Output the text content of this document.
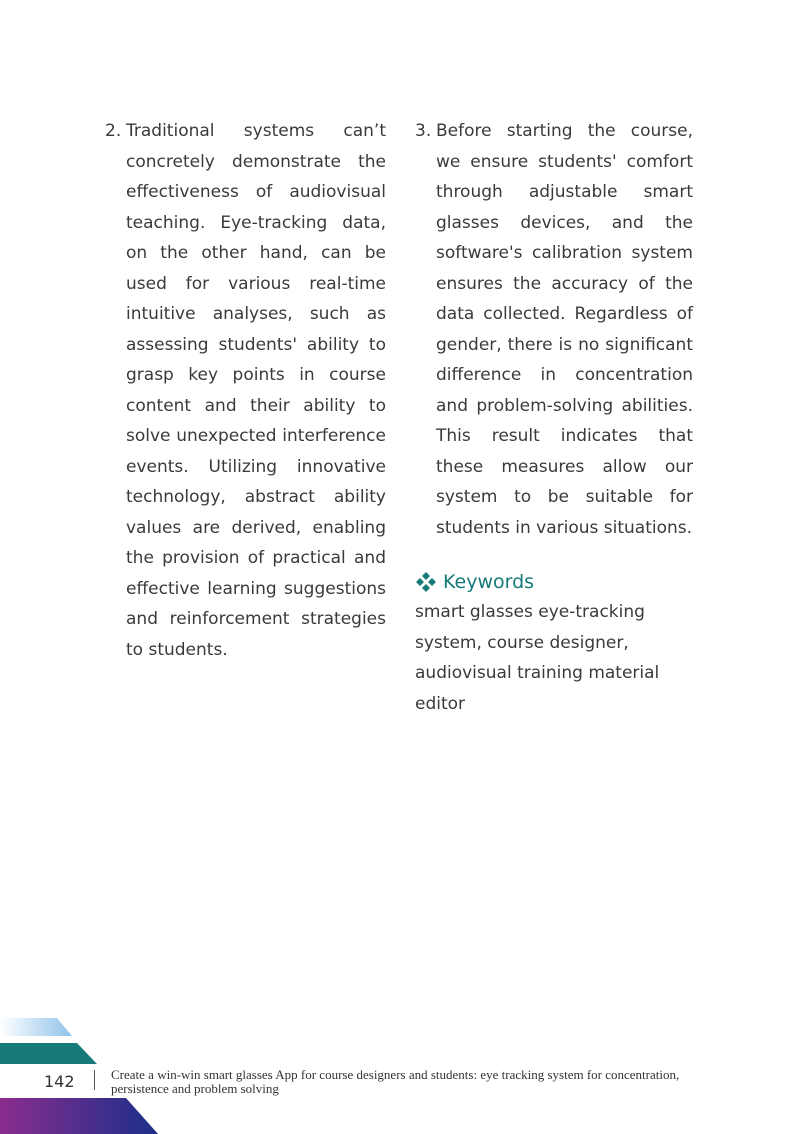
2. Traditional systems can’t concretely demonstrate the effectiveness of audiovisual teaching. Eye-tracking data, on the other hand, can be used for various real-time intuitive analyses, such as assessing students' ability to grasp key points in course content and their ability to solve unexpected interference events. Utilizing innovative technology, abstract ability values are derived, enabling the provision of practical and effective learning suggestions and reinforcement strategies to students.

3. Before starting the course, we ensure students' comfort through adjustable smart glasses devices, and the software's calibration system ensures the accuracy of the data collected. Regardless of gender, there is no significant difference in concentration and problem-solving abilities. This result indicates that these measures allow our system to be suitable for students in various situations.

Keywords

smart glasses eye-tracking system, course designer, audiovisual training material editor

142	Create a win-win smart glasses App for course designers and students: eye tracking system for concentration, persistence and problem solving
